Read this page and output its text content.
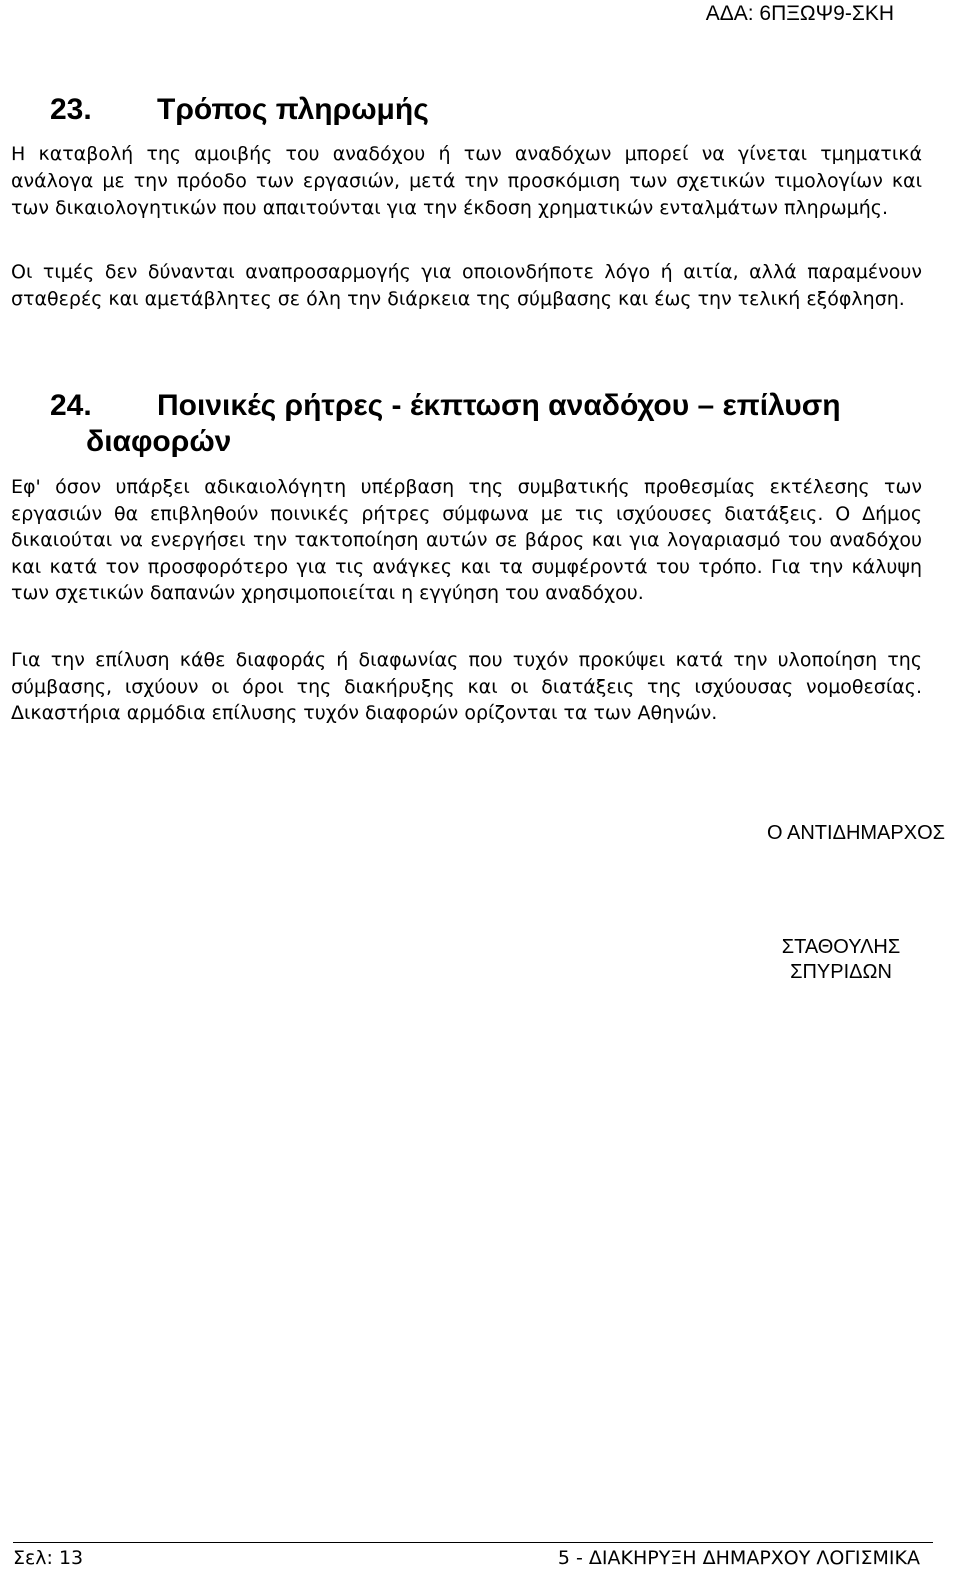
ΑΔΑ: 6ΠΞΩΨ9-ΣΚΗ
23. Τρόπος πληρωμής

Η καταβολή της αμοιβής του αναδόχου ή των αναδόχων μπορεί να γίνεται τμηματικά ανάλογα με την πρόοδο των εργασιών, μετά την προσκόμιση των σχετικών τιμολογίων και των δικαιολογητικών που απαιτούνται για την έκδοση χρηματικών ενταλμάτων πληρωμής.

Οι τιμές δεν δύνανται αναπροσαρμογής για οποιονδήποτε λόγο ή αιτία, αλλά παραμένουν σταθερές και αμετάβλητες σε όλη την διάρκεια της σύμβασης και έως την τελική εξόφληση.

24. Ποινικές ρήτρες - έκπτωση αναδόχου – επίλυση
διαφορών

Εφ' όσον υπάρξει αδικαιολόγητη υπέρβαση της συμβατικής προθεσμίας εκτέλεσης των εργασιών θα επιβληθούν ποινικές ρήτρες σύμφωνα με τις ισχύουσες διατάξεις. Ο Δήμος δικαιούται να ενεργήσει την τακτοποίηση αυτών σε βάρος και για λογαριασμό του αναδόχου και κατά τον προσφορότερο για τις ανάγκες και τα συμφέροντά του τρόπο. Για την κάλυψη των σχετικών δαπανών χρησιμοποιείται η εγγύηση του αναδόχου.

Για την επίλυση κάθε διαφοράς ή διαφωνίας που τυχόν προκύψει κατά την υλοποίηση της σύμβασης, ισχύουν οι όροι της διακήρυξης και οι διατάξεις της ισχύουσας νομοθεσίας. Δικαστήρια αρμόδια επίλυσης τυχόν διαφορών ορίζονται τα των Αθηνών.

Ο ΑΝΤΙΔΗΜΑΡΧΟΣ
ΣΤΑΘΟΥΛΗΣ
ΣΠΥΡΙΔΩΝ
Σελ: 13	5 - ΔΙΑΚΗΡΥΞΗ ΔΗΜΑΡΧΟΥ ΛΟΓΙΣΜΙΚΑ
